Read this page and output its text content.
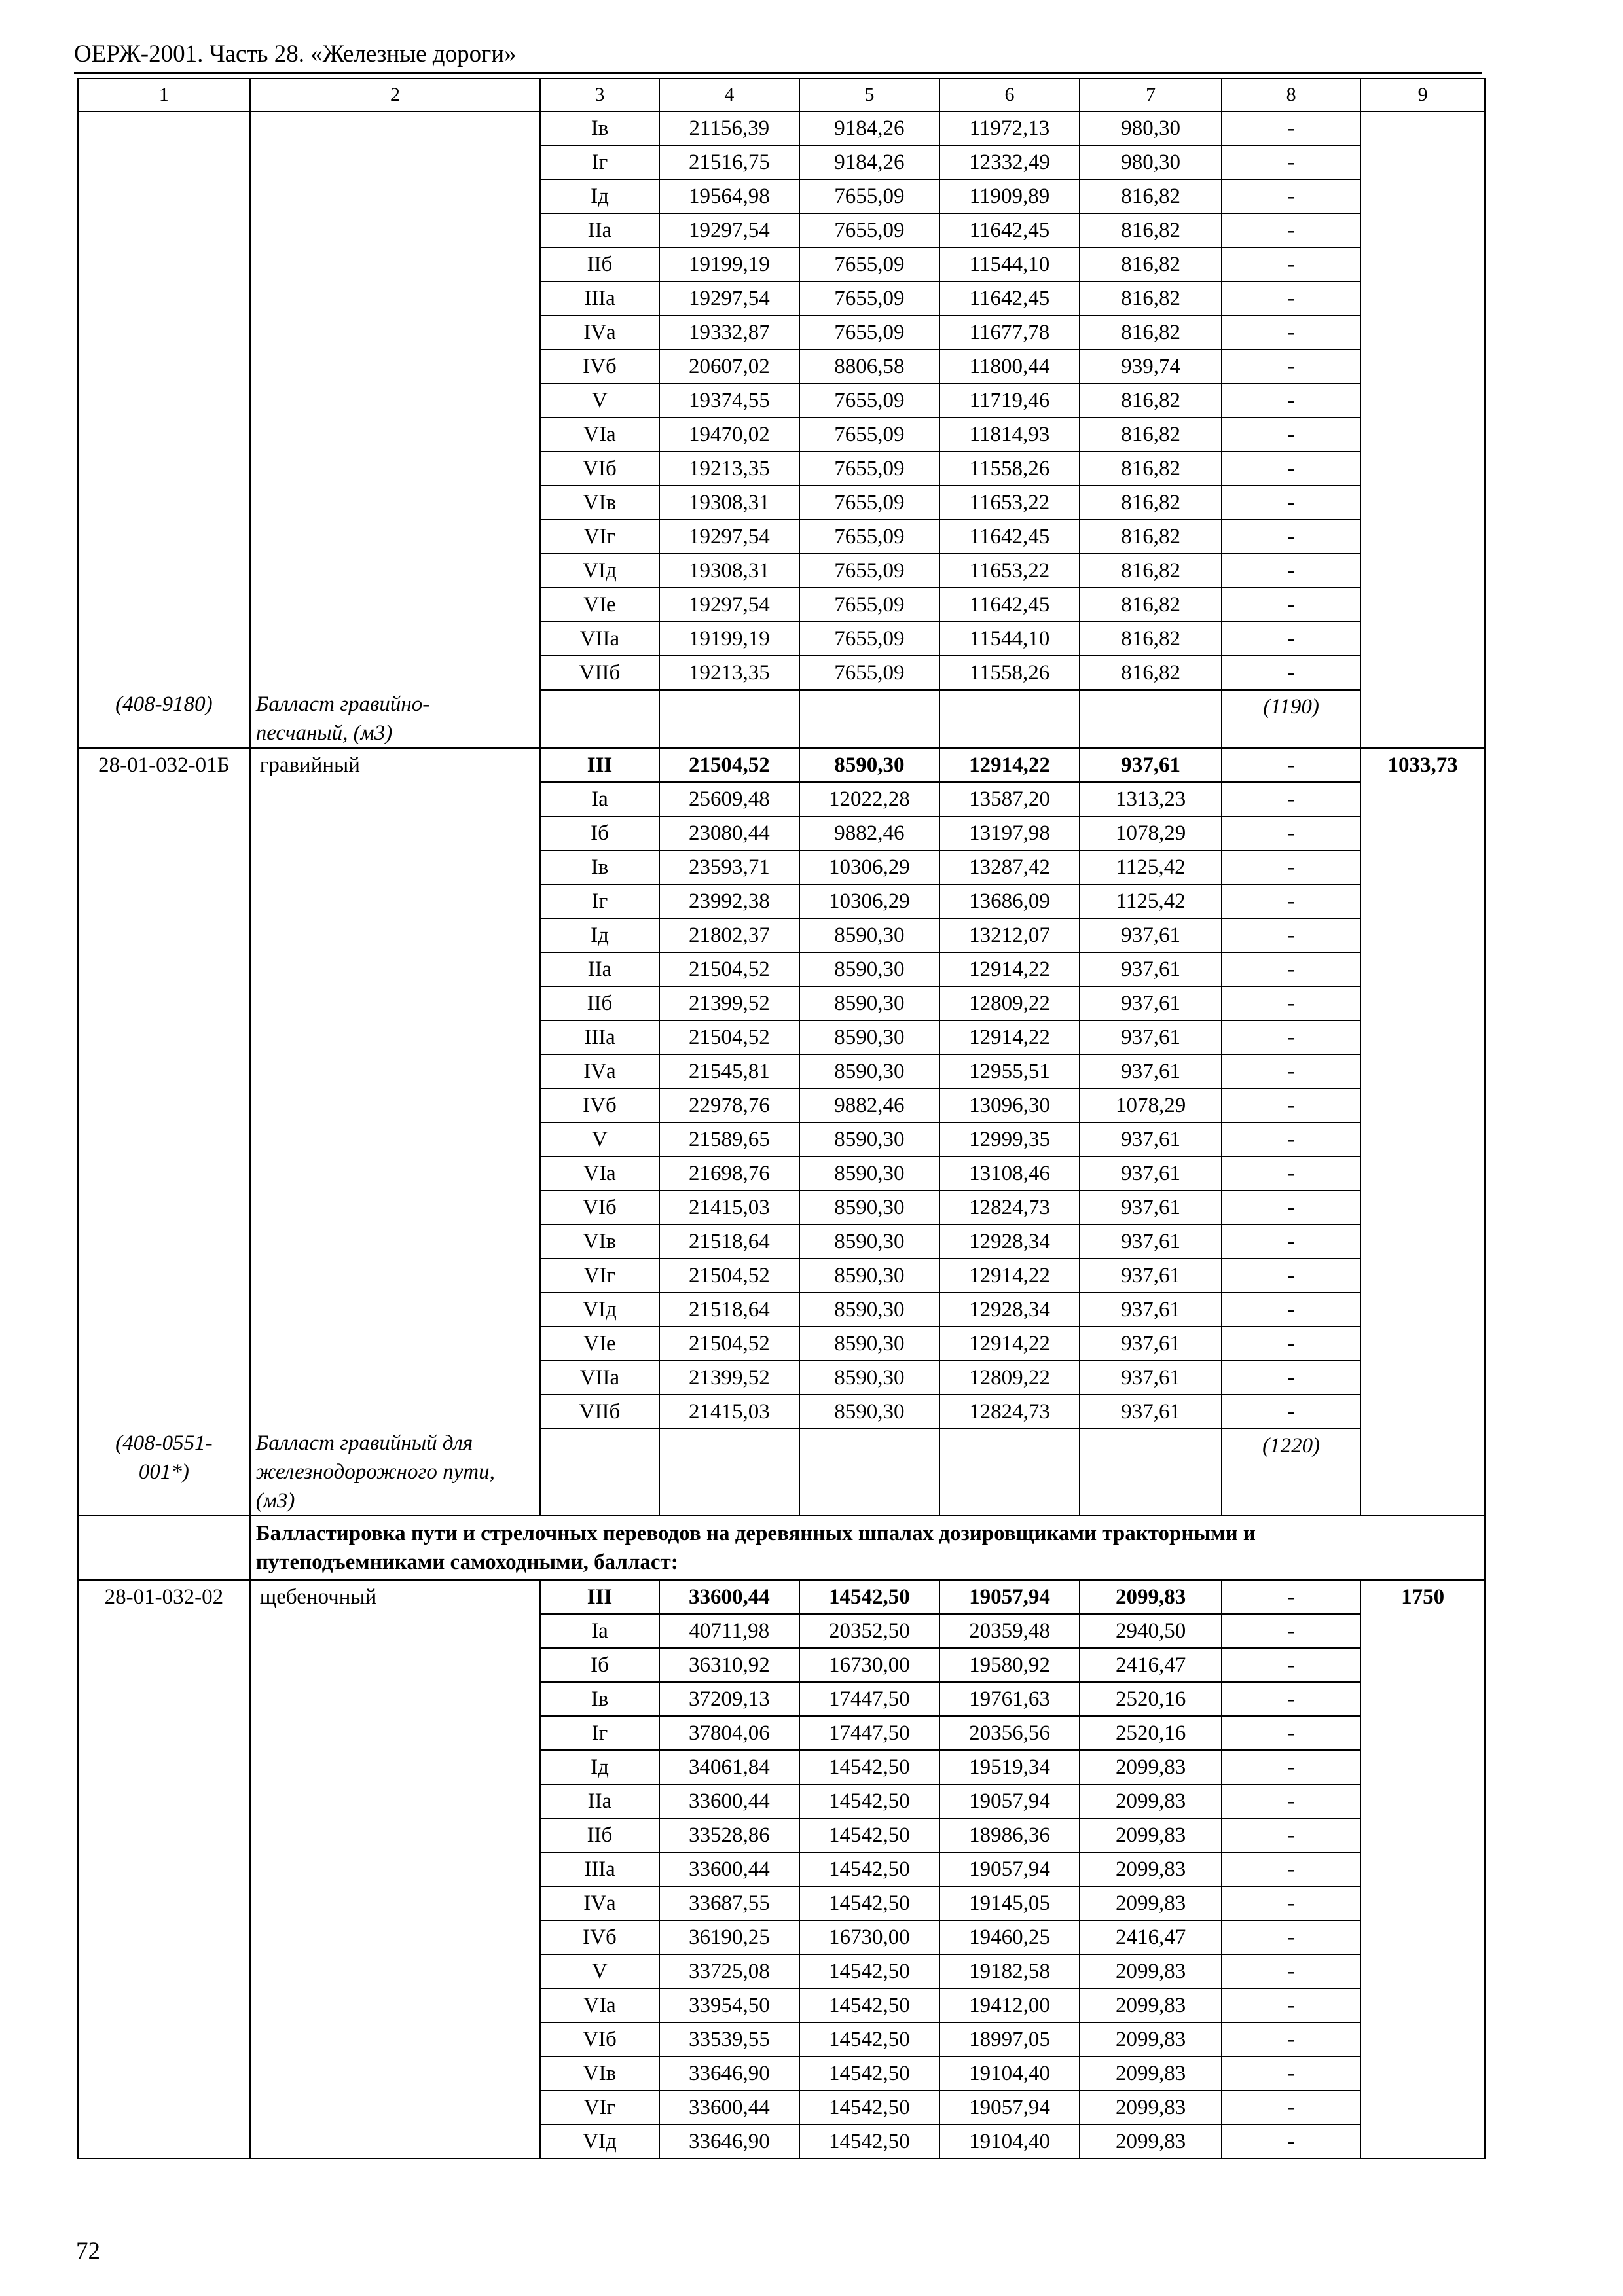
ОЕРЖ-2001. Часть 28. «Железные дороги»
1	2	3	4	5	6	7	8	9
		Iв	21156,39	9184,26	11972,13	980,30	-	
		Iг	21516,75	9184,26	12332,49	980,30	-	
		Iд	19564,98	7655,09	11909,89	816,82	-	
		IIа	19297,54	7655,09	11642,45	816,82	-	
		IIб	19199,19	7655,09	11544,10	816,82	-	
		IIIа	19297,54	7655,09	11642,45	816,82	-	
		IVа	19332,87	7655,09	11677,78	816,82	-	
		IVб	20607,02	8806,58	11800,44	939,74	-	
		V	19374,55	7655,09	11719,46	816,82	-	
		VIа	19470,02	7655,09	11814,93	816,82	-	
		VIб	19213,35	7655,09	11558,26	816,82	-	
		VIв	19308,31	7655,09	11653,22	816,82	-	
		VIг	19297,54	7655,09	11642,45	816,82	-	
		VIд	19308,31	7655,09	11653,22	816,82	-	
		VIе	19297,54	7655,09	11642,45	816,82	-	
		VIIа	19199,19	7655,09	11544,10	816,82	-	
		VIIб	19213,35	7655,09	11558,26	816,82	-	

(408-9180)	Балласт гравийно-
песчаный, (м3)						(1190)	
28-01-032-01Б	гравийный	III	21504,52	8590,30	12914,22	937,61	-	1033,73
		Iа	25609,48	12022,28	13587,20	1313,23	-	
		Iб	23080,44	9882,46	13197,98	1078,29	-	
		Iв	23593,71	10306,29	13287,42	1125,42	-	
		Iг	23992,38	10306,29	13686,09	1125,42	-	
		Iд	21802,37	8590,30	13212,07	937,61	-	
		IIа	21504,52	8590,30	12914,22	937,61	-	
		IIб	21399,52	8590,30	12809,22	937,61	-	
		IIIа	21504,52	8590,30	12914,22	937,61	-	
		IVа	21545,81	8590,30	12955,51	937,61	-	
		IVб	22978,76	9882,46	13096,30	1078,29	-	
		V	21589,65	8590,30	12999,35	937,61	-	
		VIа	21698,76	8590,30	13108,46	937,61	-	
		VIб	21415,03	8590,30	12824,73	937,61	-	
		VIв	21518,64	8590,30	12928,34	937,61	-	
		VIг	21504,52	8590,30	12914,22	937,61	-	
		VIд	21518,64	8590,30	12928,34	937,61	-	
		VIе	21504,52	8590,30	12914,22	937,61	-	
		VIIа	21399,52	8590,30	12809,22	937,61	-	
		VIIб	21415,03	8590,30	12824,73	937,61	-	

(408-0551-
001*)	Балласт гравийный для
железнодорожного пути,
(м3)						(1220)	

	Балластировка пути и стрелочных переводов на деревянных шпалах дозировщиками тракторными и
путеподъемниками самоходными, балласт:							

28-01-032-02	щебеночный	III	33600,44	14542,50	19057,94	2099,83	-	1750
		Iа	40711,98	20352,50	20359,48	2940,50	-	
		Iб	36310,92	16730,00	19580,92	2416,47	-	
		Iв	37209,13	17447,50	19761,63	2520,16	-	
		Iг	37804,06	17447,50	20356,56	2520,16	-	
		Iд	34061,84	14542,50	19519,34	2099,83	-	
		IIа	33600,44	14542,50	19057,94	2099,83	-	
		IIб	33528,86	14542,50	18986,36	2099,83	-	
		IIIа	33600,44	14542,50	19057,94	2099,83	-	
		IVа	33687,55	14542,50	19145,05	2099,83	-	
		IVб	36190,25	16730,00	19460,25	2416,47	-	
		V	33725,08	14542,50	19182,58	2099,83	-	
		VIа	33954,50	14542,50	19412,00	2099,83	-	
		VIб	33539,55	14542,50	18997,05	2099,83	-	
		VIв	33646,90	14542,50	19104,40	2099,83	-	
		VIг	33600,44	14542,50	19057,94	2099,83	-	
		VIд	33646,90	14542,50	19104,40	2099,83	-	
72
